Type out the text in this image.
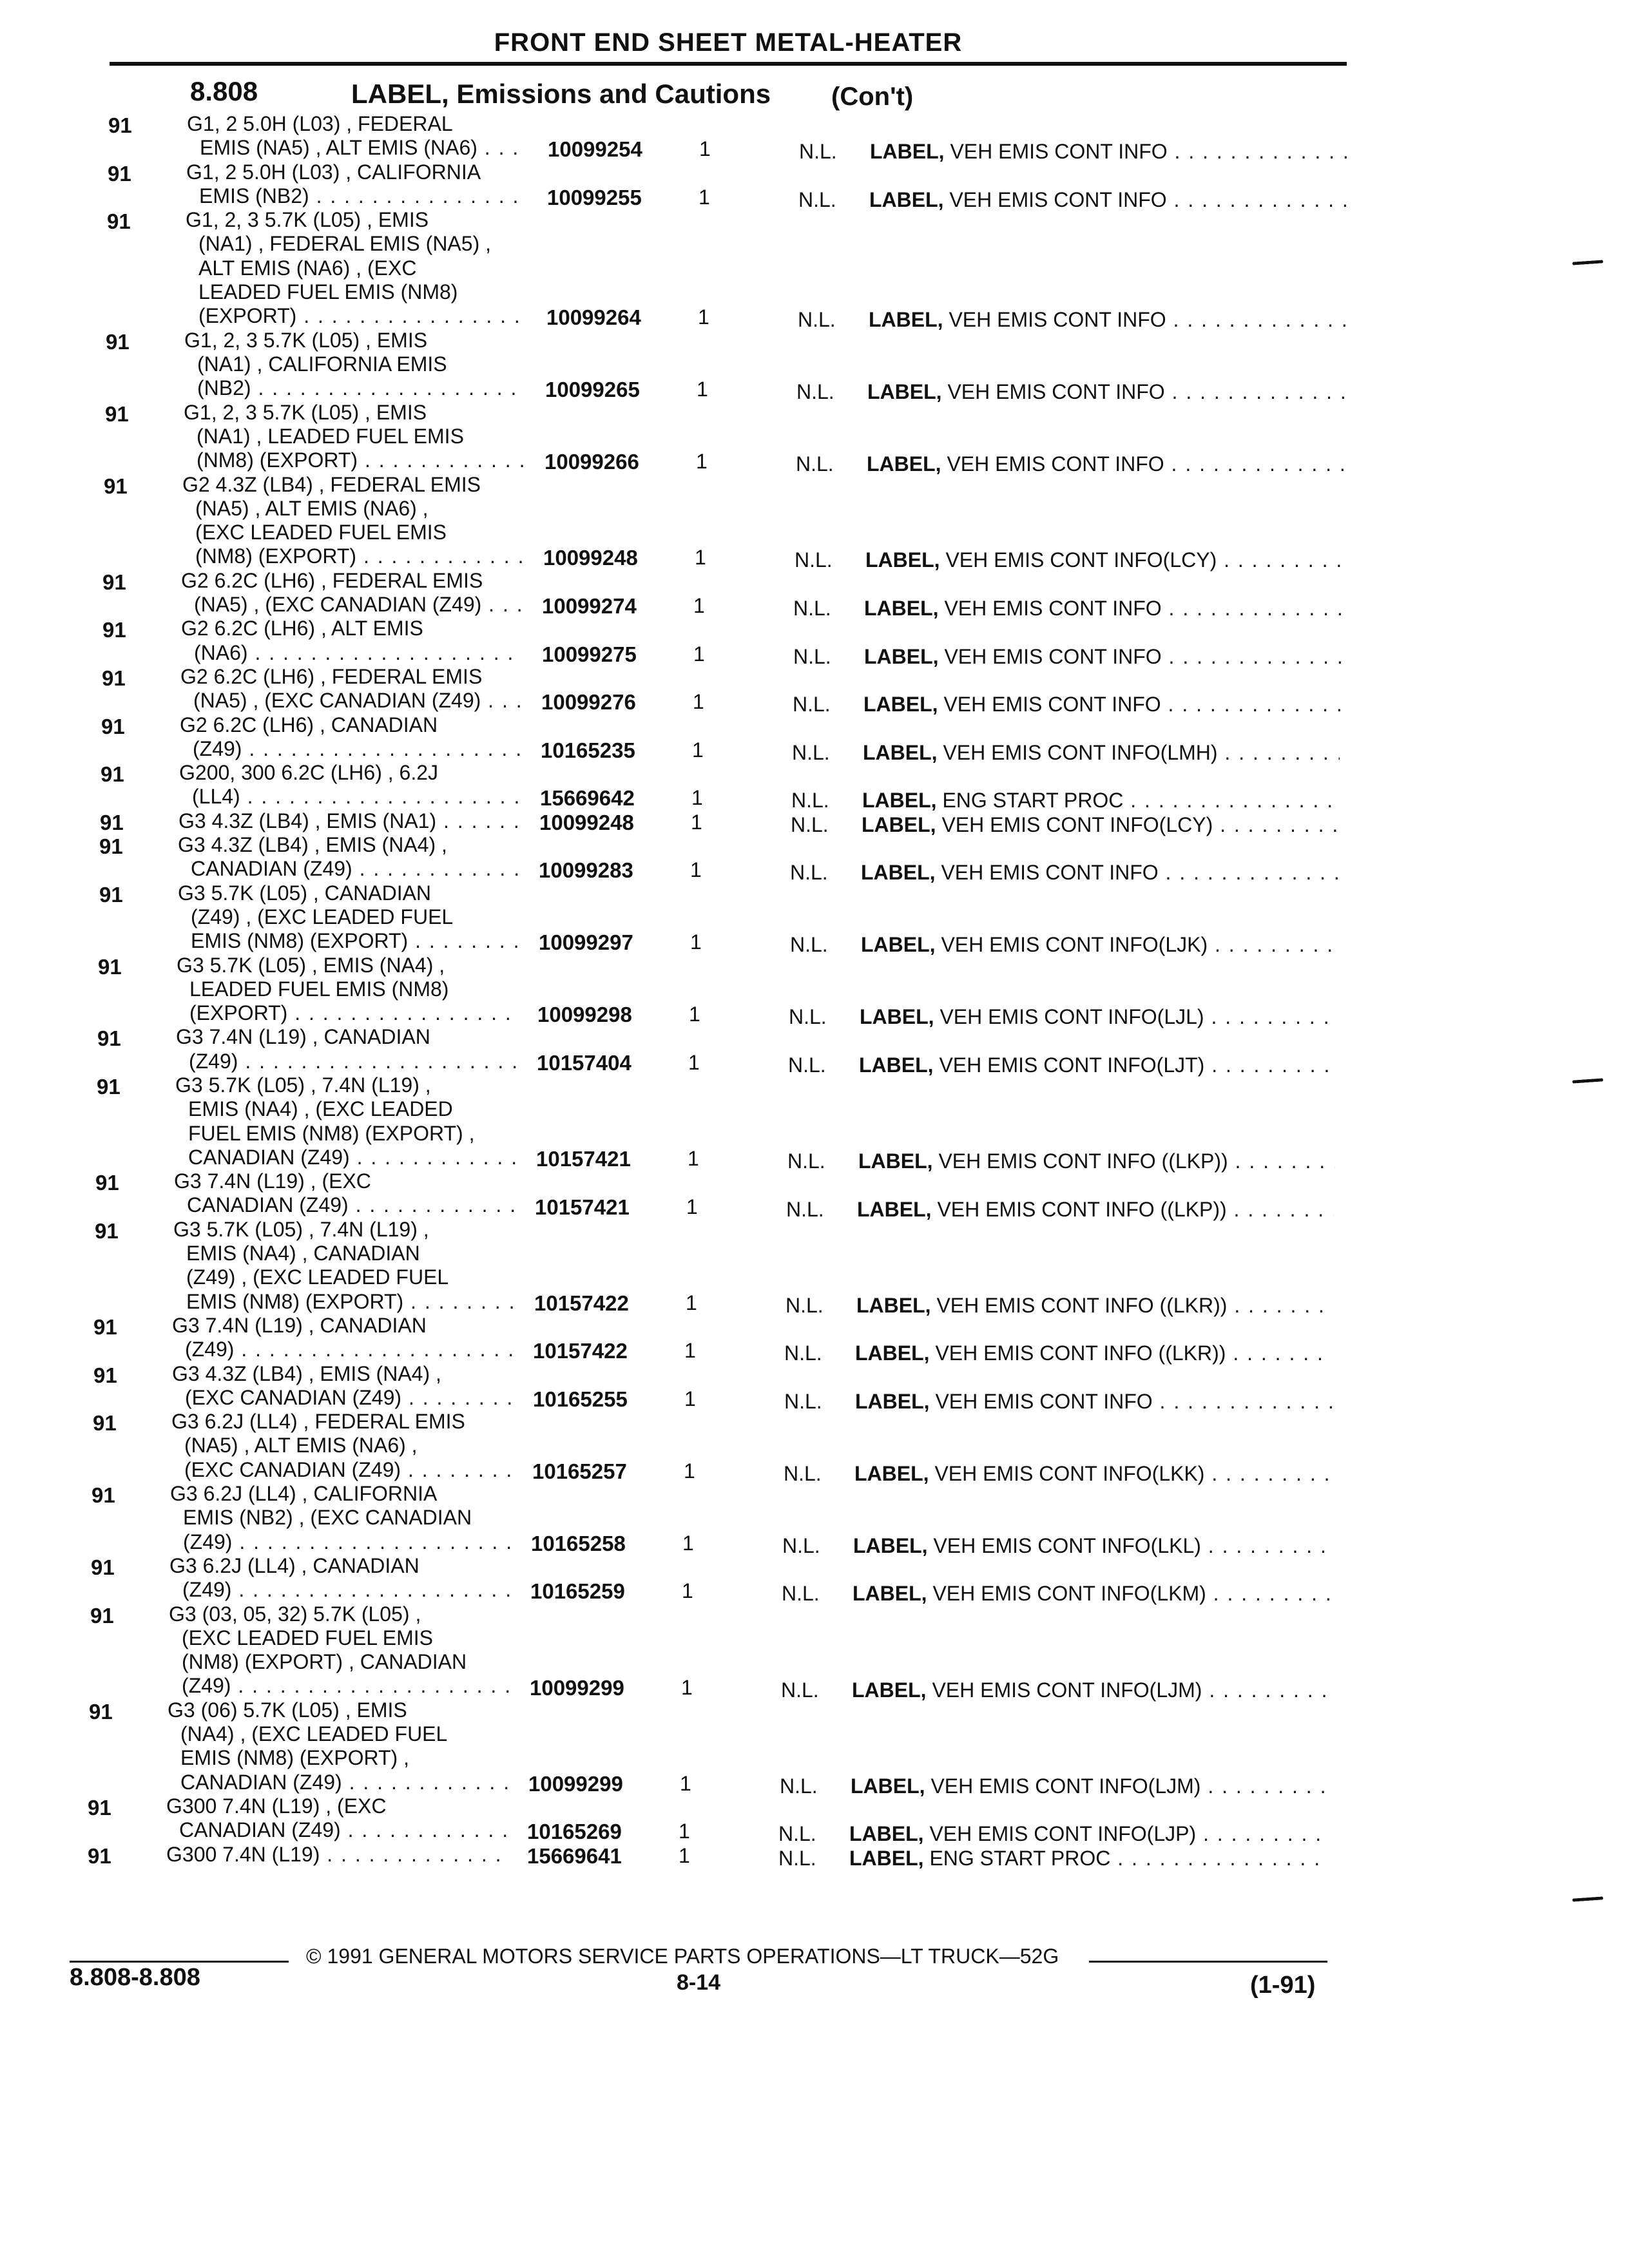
FRONT END SHEET METAL-HEATER
8.808	LABEL, Emissions and Cautions (Con't)
91	G1, 2 5.0H (L03) , FEDERAL
EMIS (NA5) , ALT EMIS (NA6) . . .	10099254	1	N.L. LABEL, VEH EMIS CONT INFO . . .
91	G1, 2 5.0H (L03) , CALIFORNIA
EMIS (NB2) . . .	10099255	1	N.L. LABEL, VEH EMIS CONT INFO . . .
91	G1, 2, 3 5.7K (L05) , EMIS
(NA1) , FEDERAL EMIS (NA5) ,
ALT EMIS (NA6) , (EXC
LEADED FUEL EMIS (NM8)
(EXPORT) . . .	10099264	1	N.L. LABEL, VEH EMIS CONT INFO . . .
91	G1, 2, 3 5.7K (L05) , EMIS
(NA1) , CALIFORNIA EMIS
(NB2) . . .	10099265	1	N.L. LABEL, VEH EMIS CONT INFO . . .
91	G1, 2, 3 5.7K (L05) , EMIS
(NA1) , LEADED FUEL EMIS
(NM8) (EXPORT) . . .	10099266	1	N.L. LABEL, VEH EMIS CONT INFO . . .
91	G2 4.3Z (LB4) , FEDERAL EMIS
(NA5) , ALT EMIS (NA6) ,
(EXC LEADED FUEL EMIS
(NM8) (EXPORT) . . .	10099248	1	N.L. LABEL, VEH EMIS CONT INFO(LCY) . . .
91	G2 6.2C (LH6) , FEDERAL EMIS
(NA5) , (EXC CANADIAN (Z49) . . .	10099274	1	N.L. LABEL, VEH EMIS CONT INFO . . .
91	G2 6.2C (LH6) , ALT EMIS
(NA6) . . .	10099275	1	N.L. LABEL, VEH EMIS CONT INFO . . .
91	G2 6.2C (LH6) , FEDERAL EMIS
(NA5) , (EXC CANADIAN (Z49) . . .	10099276	1	N.L. LABEL, VEH EMIS CONT INFO . . .
91	G2 6.2C (LH6) , CANADIAN
(Z49) . . .	10165235	1	N.L. LABEL, VEH EMIS CONT INFO(LMH) . . .
91	G200, 300 6.2C (LH6) , 6.2J
(LL4) . . .	15669642	1	N.L. LABEL, ENG START PROC . . .
91	G3 4.3Z (LB4) , EMIS (NA1) . . .	10099248	1	N.L. LABEL, VEH EMIS CONT INFO(LCY) . . .
91	G3 4.3Z (LB4) , EMIS (NA4) ,
CANADIAN (Z49) . . .	10099283	1	N.L. LABEL, VEH EMIS CONT INFO . . .
91	G3 5.7K (L05) , CANADIAN
(Z49) , (EXC LEADED FUEL
EMIS (NM8) (EXPORT) . . .	10099297	1	N.L. LABEL, VEH EMIS CONT INFO(LJK) . . .
91	G3 5.7K (L05) , EMIS (NA4) ,
LEADED FUEL EMIS (NM8)
(EXPORT) . . .	10099298	1	N.L. LABEL, VEH EMIS CONT INFO(LJL) . . .
91	G3 7.4N (L19) , CANADIAN
(Z49) . . .	10157404	1	N.L. LABEL, VEH EMIS CONT INFO(LJT) . . .
91	G3 5.7K (L05) , 7.4N (L19) ,
EMIS (NA4) , (EXC LEADED
FUEL EMIS (NM8) (EXPORT) ,
CANADIAN (Z49) . . .	10157421	1	N.L. LABEL, VEH EMIS CONT INFO ((LKP)) . . .
91	G3 7.4N (L19) , (EXC
CANADIAN (Z49) . . .	10157421	1	N.L. LABEL, VEH EMIS CONT INFO ((LKP)) . . .
91	G3 5.7K (L05) , 7.4N (L19) ,
EMIS (NA4) , CANADIAN
(Z49) , (EXC LEADED FUEL
EMIS (NM8) (EXPORT) . . .	10157422	1	N.L. LABEL, VEH EMIS CONT INFO ((LKR)) . . .
91	G3 7.4N (L19) , CANADIAN
(Z49) . . .	10157422	1	N.L. LABEL, VEH EMIS CONT INFO ((LKR)) . . .
91	G3 4.3Z (LB4) , EMIS (NA4) ,
(EXC CANADIAN (Z49) . . .	10165255	1	N.L. LABEL, VEH EMIS CONT INFO . . .
91	G3 6.2J (LL4) , FEDERAL EMIS
(NA5) , ALT EMIS (NA6) ,
(EXC CANADIAN (Z49) . . .	10165257	1	N.L. LABEL, VEH EMIS CONT INFO(LKK) . . .
91	G3 6.2J (LL4) , CALIFORNIA
EMIS (NB2) , (EXC CANADIAN
(Z49) . . .	10165258	1	N.L. LABEL, VEH EMIS CONT INFO(LKL) . . .
91	G3 6.2J (LL4) , CANADIAN
(Z49) . . .	10165259	1	N.L. LABEL, VEH EMIS CONT INFO(LKM) . . .
91	G3 (03, 05, 32) 5.7K (L05) ,
(EXC LEADED FUEL EMIS
(NM8) (EXPORT) , CANADIAN
(Z49) . . .	10099299	1	N.L. LABEL, VEH EMIS CONT INFO(LJM) . . .
91	G3 (06) 5.7K (L05) , EMIS
(NA4) , (EXC LEADED FUEL
EMIS (NM8) (EXPORT) ,
CANADIAN (Z49) . . .	10099299	1	N.L. LABEL, VEH EMIS CONT INFO(LJM) . . .
91	G300 7.4N (L19) , (EXC
CANADIAN (Z49) . . .	10165269	1	N.L. LABEL, VEH EMIS CONT INFO(LJP) . . .
91	G300 7.4N (L19) . . .	15669641	1	N.L. LABEL, ENG START PROC . . .
© 1991 GENERAL MOTORS SERVICE PARTS OPERATIONS—LT TRUCK—52G
8.808-8.808	8-14	(1-91)
